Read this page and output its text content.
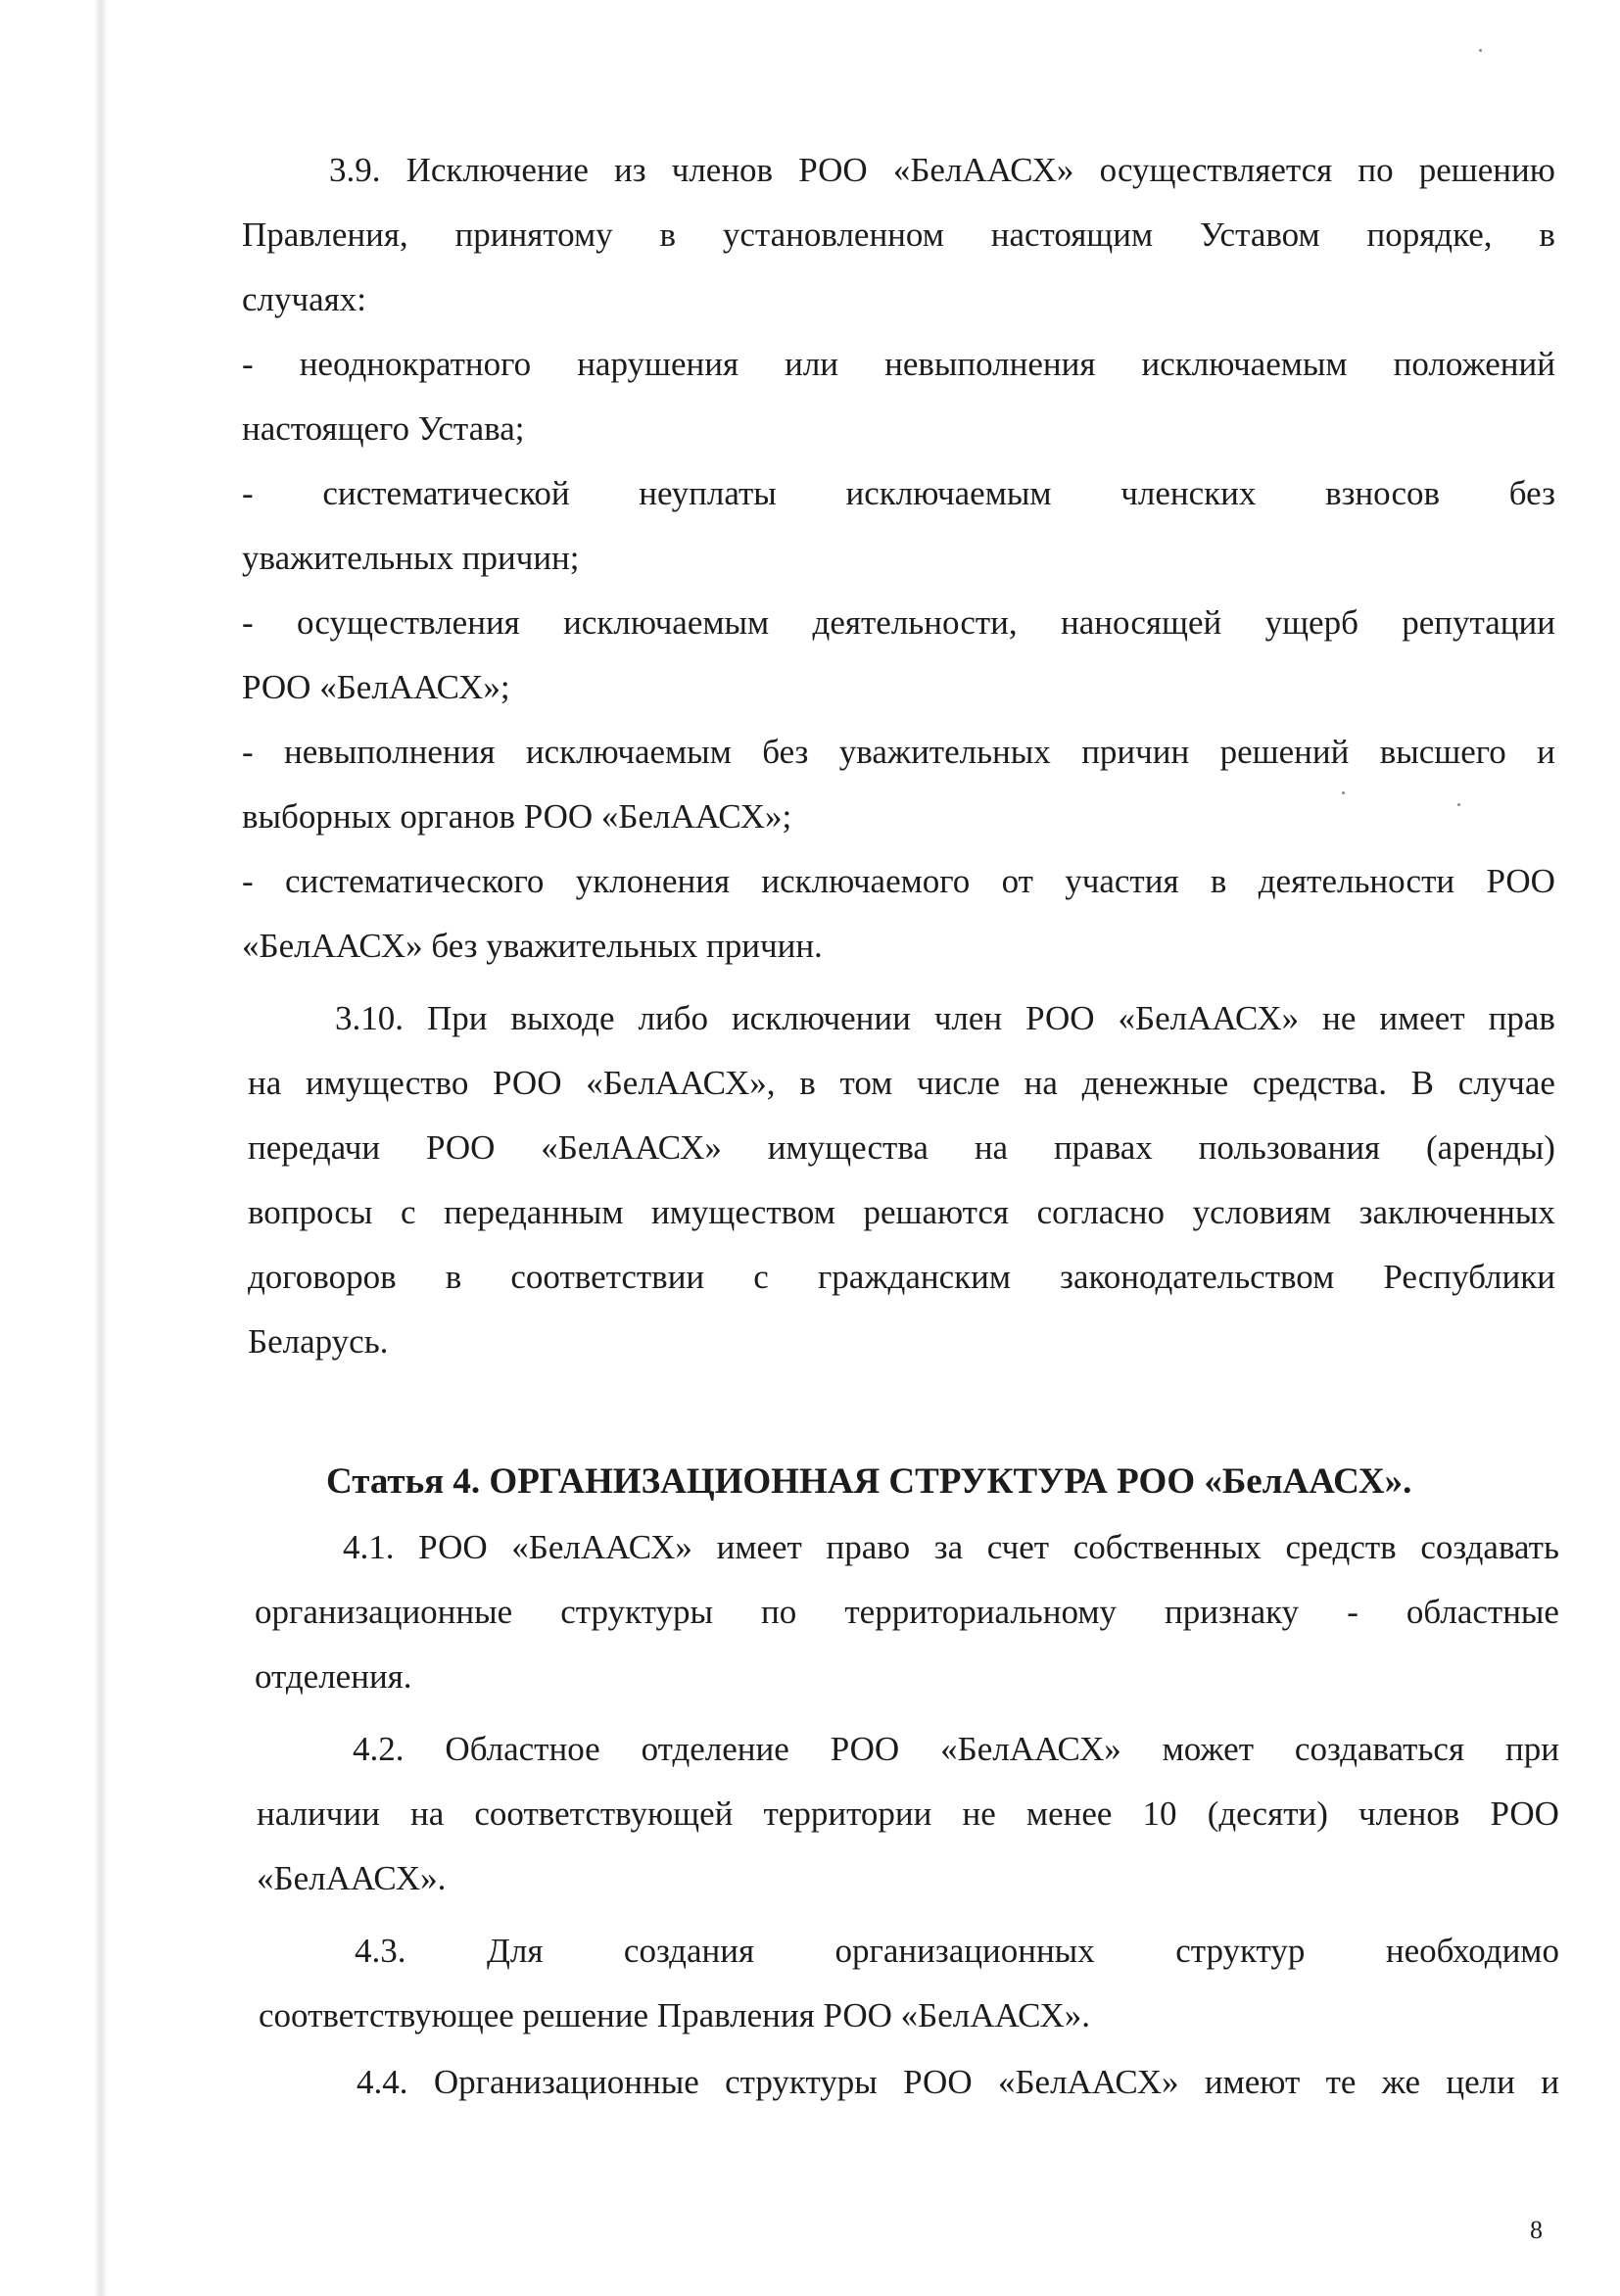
3.9. Исключение из членов РОО «БелААСХ» осуществляется по решению
Правления, принятому в установленном настоящим Уставом порядке, в
случаях:
- неоднократного нарушения или невыполнения исключаемым положений
настоящего Устава;
- систематической неуплаты исключаемым членских взносов без
уважительных причин;
- осуществления исключаемым деятельности, наносящей ущерб репутации
РОО «БелААСХ»;
- невыполнения исключаемым без уважительных причин решений высшего и
выборных органов РОО «БелААСХ»;
- систематического уклонения исключаемого от участия в деятельности РОО
«БелААСХ» без уважительных причин.
3.10. При выходе либо исключении член РОО «БелААСХ» не имеет прав
на имущество РОО «БелААСХ», в том числе на денежные средства. В случае
передачи РОО «БелААСХ» имущества на правах пользования (аренды)
вопросы с переданным имуществом решаются согласно условиям заключенных
договоров в соответствии с гражданским законодательством Республики
Беларусь.
Статья 4. ОРГАНИЗАЦИОННАЯ СТРУКТУРА РОО «БелААСХ».
4.1. РОО «БелААСХ» имеет право за счет собственных средств создавать
организационные структуры по территориальному признаку - областные
отделения.
4.2. Областное отделение РОО «БелААСХ» может создаваться при
наличии на соответствующей территории не менее 10 (десяти) членов РОО
«БелААСХ».
4.3. Для создания организационных структур необходимо
соответствующее решение Правления РОО «БелААСХ».
4.4. Организационные структуры РОО «БелААСХ» имеют те же цели и
8
